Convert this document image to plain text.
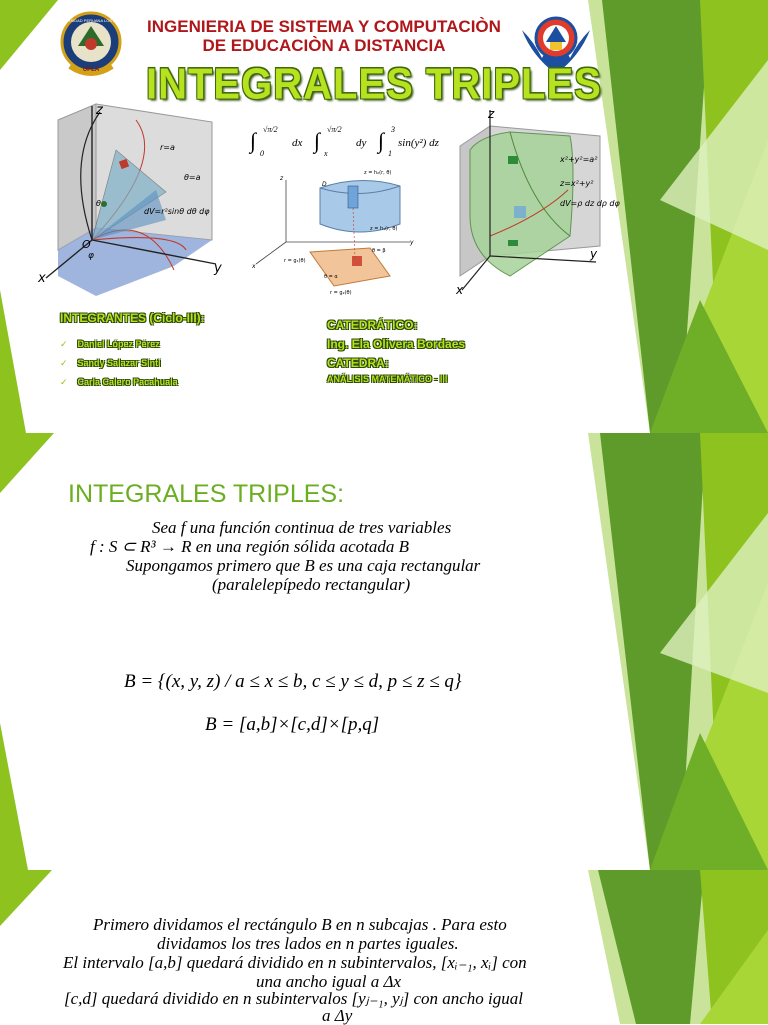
UNIVERSIDAD PERUANA LOS ANDES
UPLA
INGENIERIA DE SISTEMA Y COMPUTACIÒN
DE EDUCACIÒN A DISTANCIA
INTEGRALES TRIPLES
∫ √π/2
0
dx ∫ √π/2
x
dy ∫ 3
1
sin(y²) dz
z
y
x
O
φ
r=a
θ=a
dV=r²sinθ dθ dφ
θ
z = h₂(r, θ)
z = h₁(r, θ)
D
z
y
x
θ = β
θ = α
r = g₁(θ)
r = g₂(θ)
z
y
x
x²+y²=a²
z=x²+y²
dV=ρ dz dρ dφ
INTEGRANTES (Ciclo-III):
✓ Daniel López Pérez
✓ Sandy Salazar Sinti
✓ Carla Calero Pacahuala
CATEDRÁTICO:
Ing. Ela Olivera Bordaes
CATEDRA:
ANÁLISIS MATEMÁTICO - III
INTEGRALES TRIPLES:
Sea f una función continua de tres variables
f : S ⊂ R³ → R en una región sólida acotada B
Supongamos primero que B es una caja rectangular
(paralelepípedo rectangular)
B = {(x, y, z) / a ≤ x ≤ b, c ≤ y ≤ d, p ≤ z ≤ q}
B = [a,b]×[c,d]×[p,q]
Primero dividamos el rectángulo B en n subcajas . Para esto
dividamos los tres lados en n partes iguales.
El intervalo [a,b] quedará dividido en n subintervalos, [xᵢ₋₁, xᵢ] con
una ancho igual a Δx
[c,d] quedará dividido en n subintervalos [yⱼ₋₁, yⱼ] con ancho igual
a Δy
